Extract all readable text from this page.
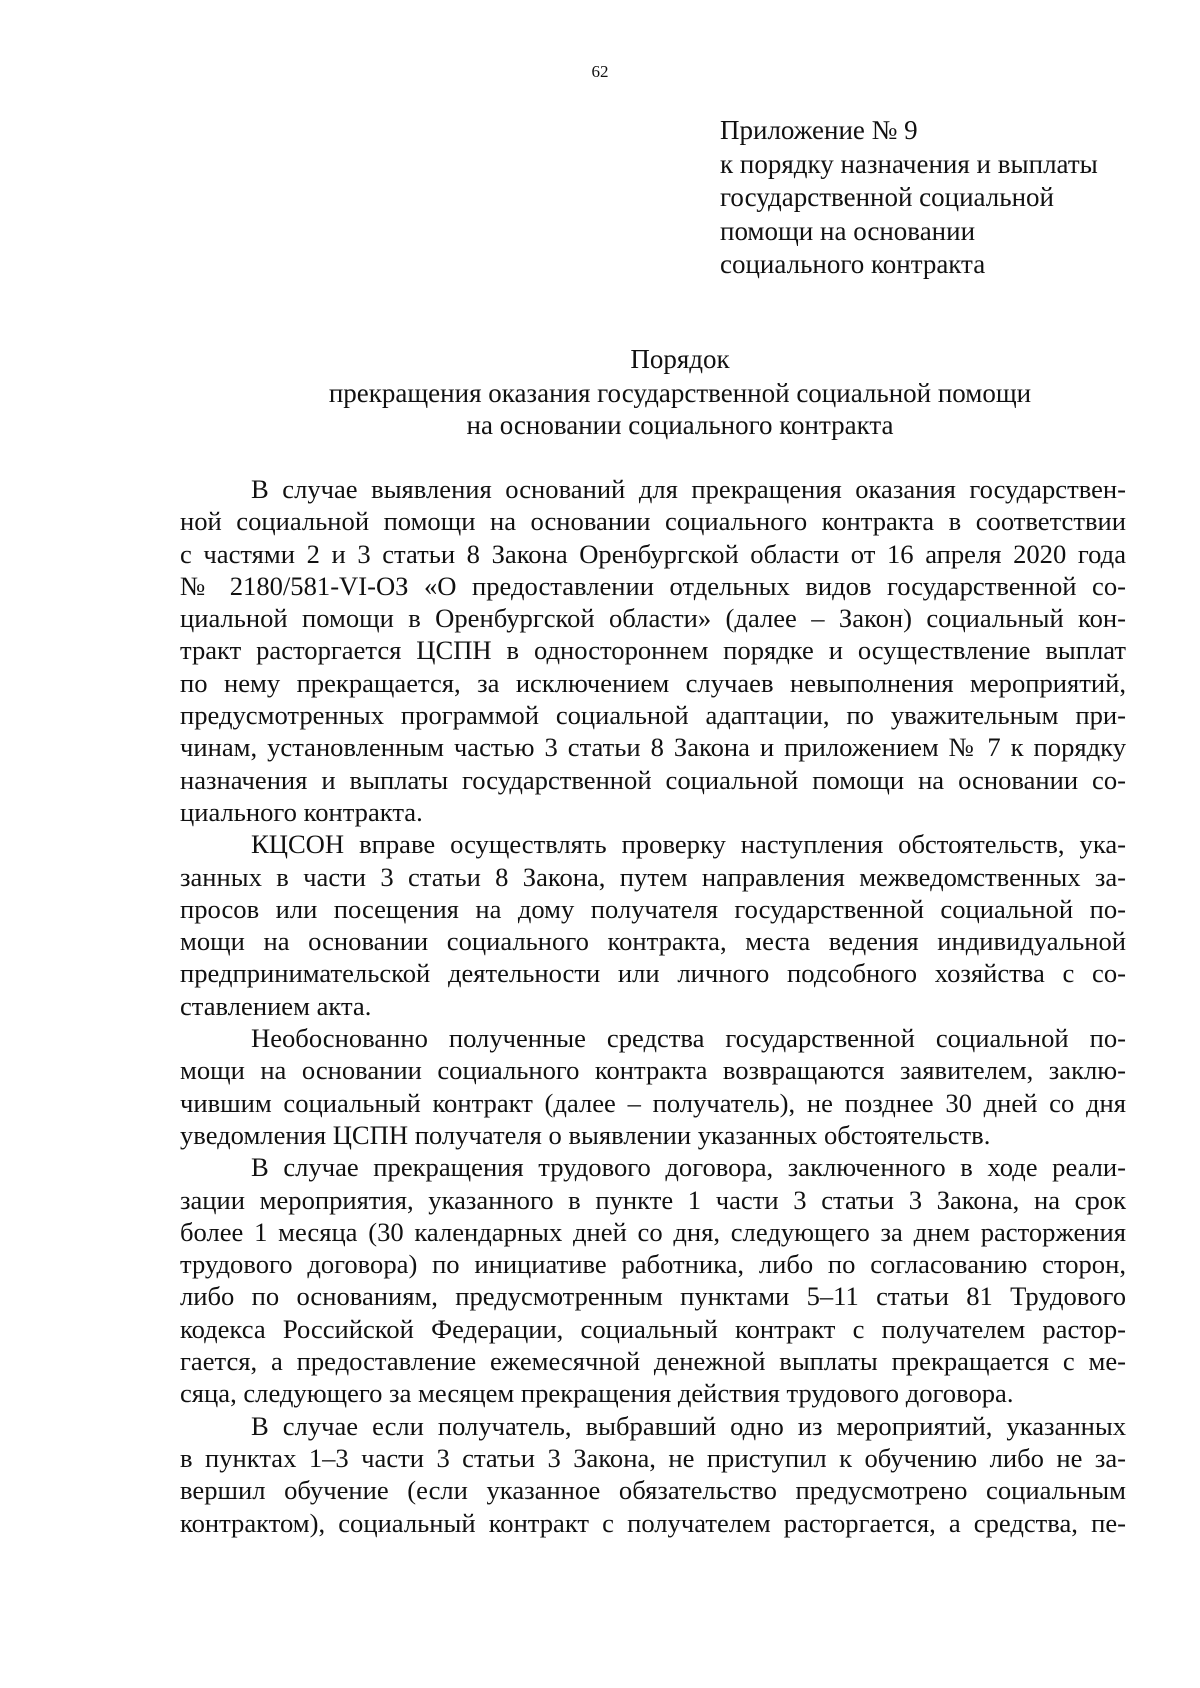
62
Приложение № 9
к порядку назначения и выплаты
государственной социальной
помощи на основании
социального контракта
Порядок
прекращения оказания государственной социальной помощи
на основании социального контракта
В случае выявления оснований для прекращения оказания государствен-
ной социальной помощи на основании социального контракта в соответствии
с частями 2 и 3 статьи 8 Закона Оренбургской области от 16 апреля 2020 года
№ 2180/581-VI-ОЗ «О предоставлении отдельных видов государственной со-
циальной помощи в Оренбургской области» (далее – Закон) социальный кон-
тракт расторгается ЦСПН в одностороннем порядке и осуществление выплат
по нему прекращается, за исключением случаев невыполнения мероприятий,
предусмотренных программой социальной адаптации, по уважительным при-
чинам, установленным частью 3 статьи 8 Закона и приложением № 7 к порядку
назначения и выплаты государственной социальной помощи на основании со-
циального контракта.
КЦСОН вправе осуществлять проверку наступления обстоятельств, ука-
занных в части 3 статьи 8 Закона, путем направления межведомственных за-
просов или посещения на дому получателя государственной социальной по-
мощи на основании социального контракта, места ведения индивидуальной
предпринимательской деятельности или личного подсобного хозяйства с со-
ставлением акта.
Необоснованно полученные средства государственной социальной по-
мощи на основании социального контракта возвращаются заявителем, заклю-
чившим социальный контракт (далее – получатель), не позднее 30 дней со дня
уведомления ЦСПН получателя о выявлении указанных обстоятельств.
В случае прекращения трудового договора, заключенного в ходе реали-
зации мероприятия, указанного в пункте 1 части 3 статьи 3 Закона, на срок
более 1 месяца (30 календарных дней со дня, следующего за днем расторжения
трудового договора) по инициативе работника, либо по согласованию сторон,
либо по основаниям, предусмотренным пунктами 5–11 статьи 81 Трудового
кодекса Российской Федерации, социальный контракт с получателем растор-
гается, а предоставление ежемесячной денежной выплаты прекращается с ме-
сяца, следующего за месяцем прекращения действия трудового договора.
В случае если получатель, выбравший одно из мероприятий, указанных
в пунктах 1–3 части 3 статьи 3 Закона, не приступил к обучению либо не за-
вершил обучение (если указанное обязательство предусмотрено социальным
контрактом), социальный контракт с получателем расторгается, а средства, пе-
